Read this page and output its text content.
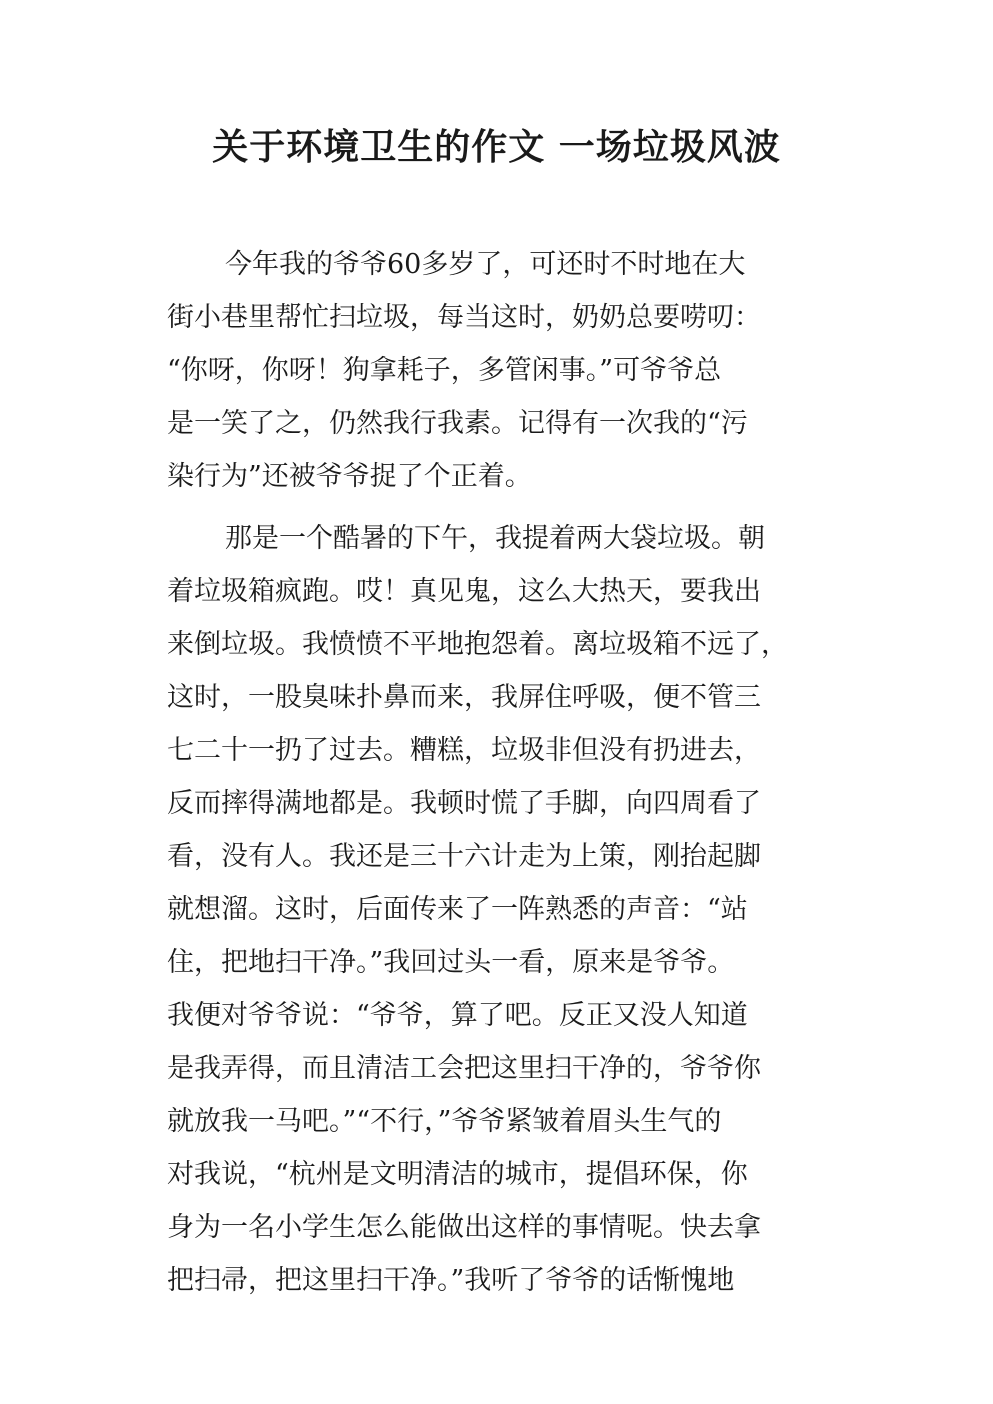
关于环境卫生的作文 一场垃圾风波
今年我的爷爷60多岁了，可还时不时地在大
街小巷里帮忙扫垃圾，每当这时，奶奶总要唠叨：
“你呀，你呀！狗拿耗子，多管闲事。”可爷爷总
是一笑了之，仍然我行我素。记得有一次我的“污
染行为”还被爷爷捉了个正着。
那是一个酷暑的下午，我提着两大袋垃圾。朝
着垃圾箱疯跑。哎！真见鬼，这么大热天，要我出
来倒垃圾。我愤愤不平地抱怨着。离垃圾箱不远了，
这时，一股臭味扑鼻而来，我屏住呼吸，便不管三
七二十一扔了过去。糟糕，垃圾非但没有扔进去，
反而摔得满地都是。我顿时慌了手脚，向四周看了
看，没有人。我还是三十六计走为上策，刚抬起脚
就想溜。这时，后面传来了一阵熟悉的声音：“站
住，把地扫干净。”我回过头一看，原来是爷爷。
我便对爷爷说：“爷爷，算了吧。反正又没人知道
是我弄得，而且清洁工会把这里扫干净的，爷爷你
就放我一马吧。”“不行，”爷爷紧皱着眉头生气的
对我说，“杭州是文明清洁的城市，提倡环保，你
身为一名小学生怎么能做出这样的事情呢。快去拿
把扫帚，把这里扫干净。”我听了爷爷的话惭愧地
